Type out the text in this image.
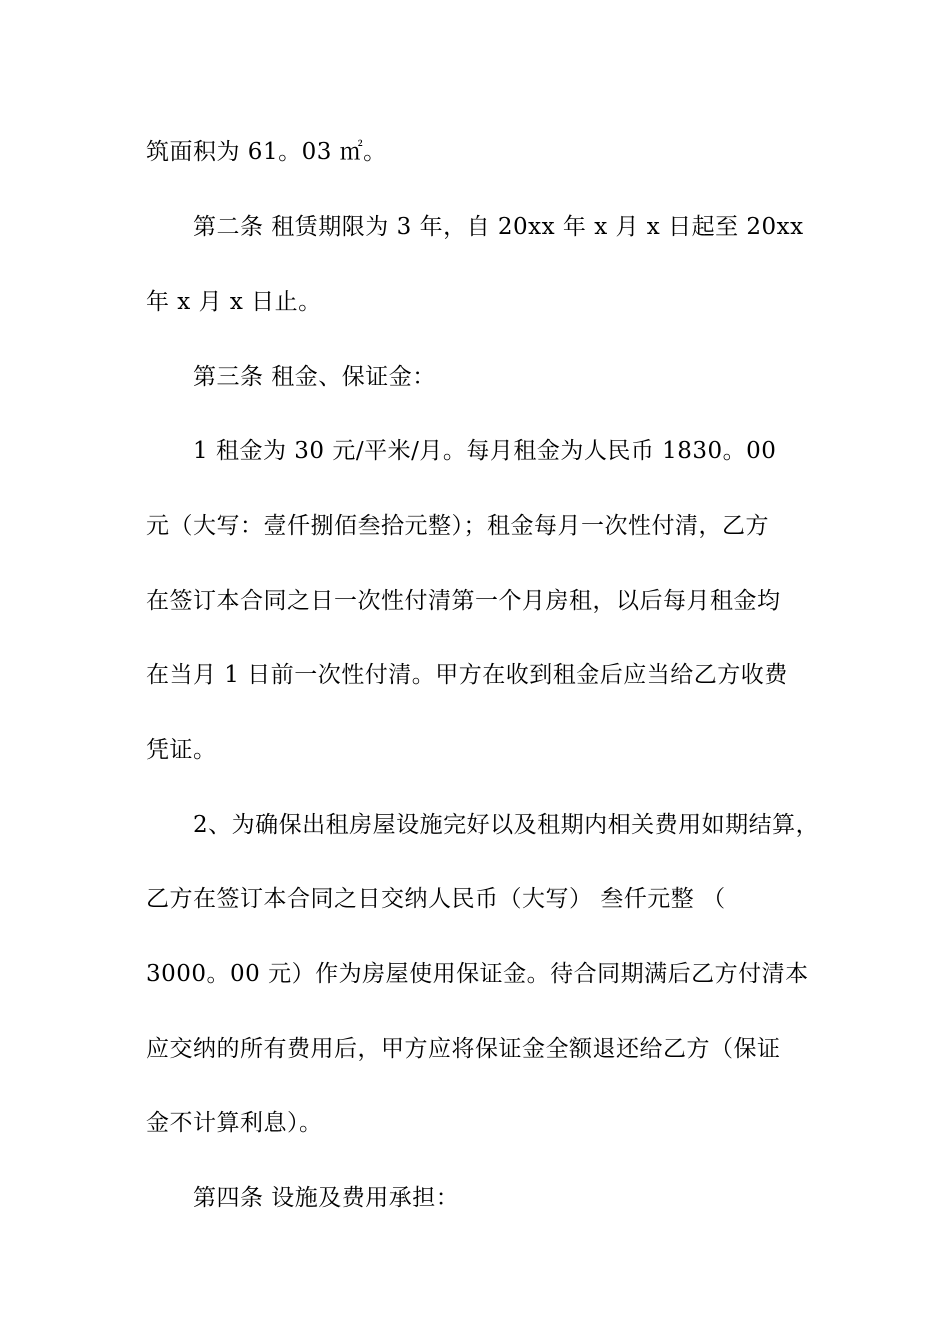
筑面积为 61。03 ㎡。
第二条 租赁期限为 3 年，自 20xx 年 x 月 x 日起至 20xx
年 x 月 x 日止。
第三条 租金、保证金：
1 租金为 30 元/平米/月。每月租金为人民币 1830。00
元（大写：壹仟捌佰叁拾元整）；租金每月一次性付清，乙方
在签订本合同之日一次性付清第一个月房租，以后每月租金均
在当月 1 日前一次性付清。甲方在收到租金后应当给乙方收费
凭证。
2、为确保出租房屋设施完好以及租期内相关费用如期结算，
乙方在签订本合同之日交纳人民币（大写） 叁仟元整 （
3000。00 元）作为房屋使用保证金。待合同期满后乙方付清本
应交纳的所有费用后，甲方应将保证金全额退还给乙方（保证
金不计算利息）。
第四条 设施及费用承担：
